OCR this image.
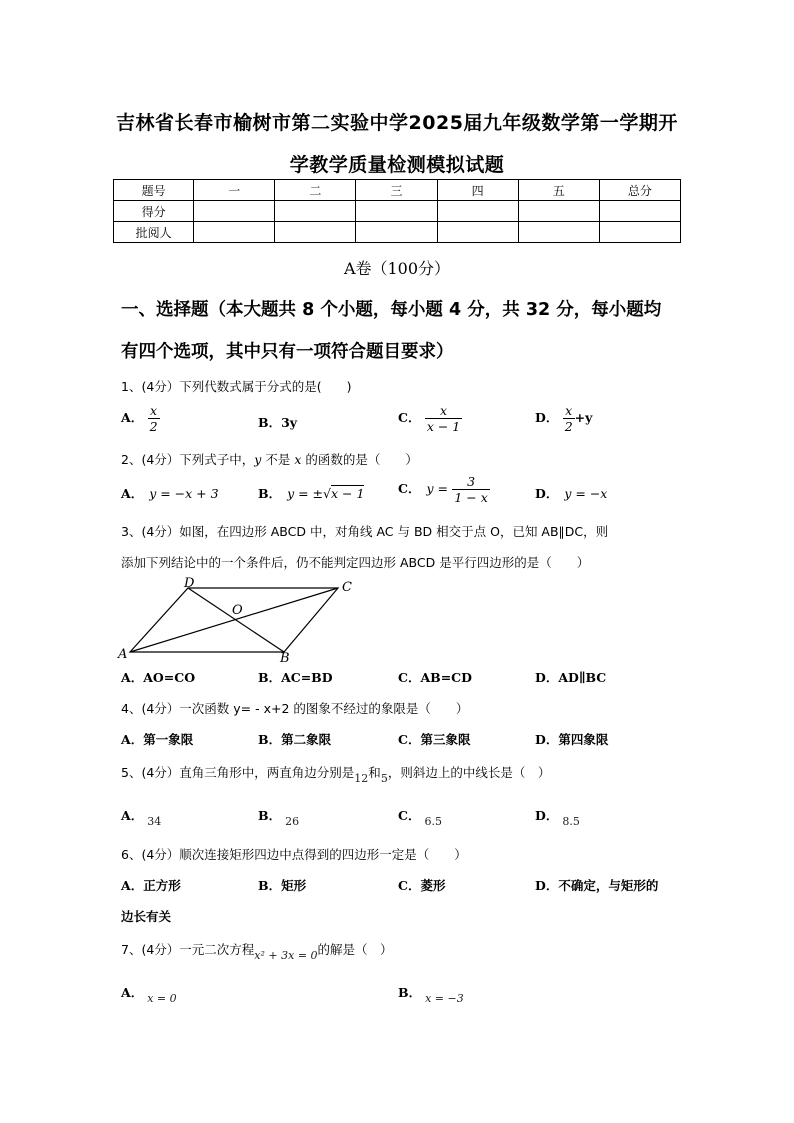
吉林省长春市榆树市第二实验中学2025届九年级数学第一学期开
学教学质量检测模拟试题
题号	一	二	三	四	五	总分
得分						
批阅人						
A卷（100分）
一、选择题（本大题共 8 个小题，每小题 4 分，共 32 分，每小题均
有四个选项，其中只有一项符合题目要求）
1、(4分）下列代数式属于分式的是(　　)
A． $\frac{x}{2}$	B．3y	C． $\frac{x}{x - 1}$	D． $\frac{x}{2} +y$
2、(4分）下列式子中，y 不是 x 的函数的是（　　）
A． y = −x + 3	B． y = ±√x − 1	C． $y = \frac{3}{1 - x}$	D． y = −x
3、(4分）如图，在四边形 ABCD 中，对角线 AC 与 BD 相交于点 O，已知 AB∥DC，则
添加下列结论中的一个条件后，仍不能判定四边形 ABCD 是平行四边形的是（　　）
A	B
C
D
O
A．AO=CO	B．AC=BD	C．AB=CD	D．AD∥BC
4、(4分）一次函数 y= - x+2 的图象不经过的象限是（　　）
A．第一象限	B．第二象限	C．第三象限	D．第四象限
5、(4分）直角三角形中，两直角边分别是12和5，则斜边上的中线长是（　）
A． 34	B． 26	C． 6.5	D． 8.5
6、(4分）顺次连接矩形四边中点得到的四边形一定是（　　）
A．正方形	B．矩形	C．菱形	D．不确定，与矩形的
边长有关
7、(4分）一元二次方程x² + 3x = 0的解是（　）
A． x = 0	B． x = −3
